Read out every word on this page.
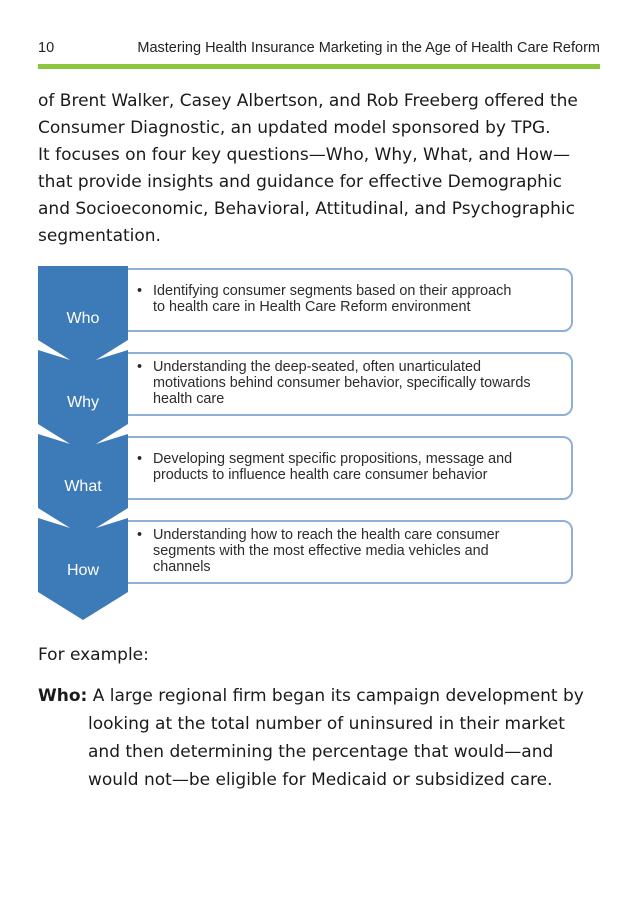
10	Mastering Health Insurance Marketing in the Age of Health Care Reform

of Brent Walker, Casey Albertson, and Rob Freeberg offered the
Consumer Diagnostic, an updated model sponsored by TPG.
It focuses on four key questions—Who, Why, What, and How—
that provide insights and guidance for effective Demographic
and Socioeconomic, Behavioral, Attitudinal, and Psychographic
segmentation.

Who
• Identifying consumer segments based on their approach
to health care in Health Care Reform environment
Why
• Understanding the deep-seated, often unarticulated
motivations behind consumer behavior, specifically towards
health care
What
• Developing segment specific propositions, message and
products to influence health care consumer behavior
How
• Understanding how to reach the health care consumer
segments with the most effective media vehicles and
channels

For example:

Who: A large regional firm began its campaign development by
looking at the total number of uninsured in their market
and then determining the percentage that would—and
would not—be eligible for Medicaid or subsidized care.
